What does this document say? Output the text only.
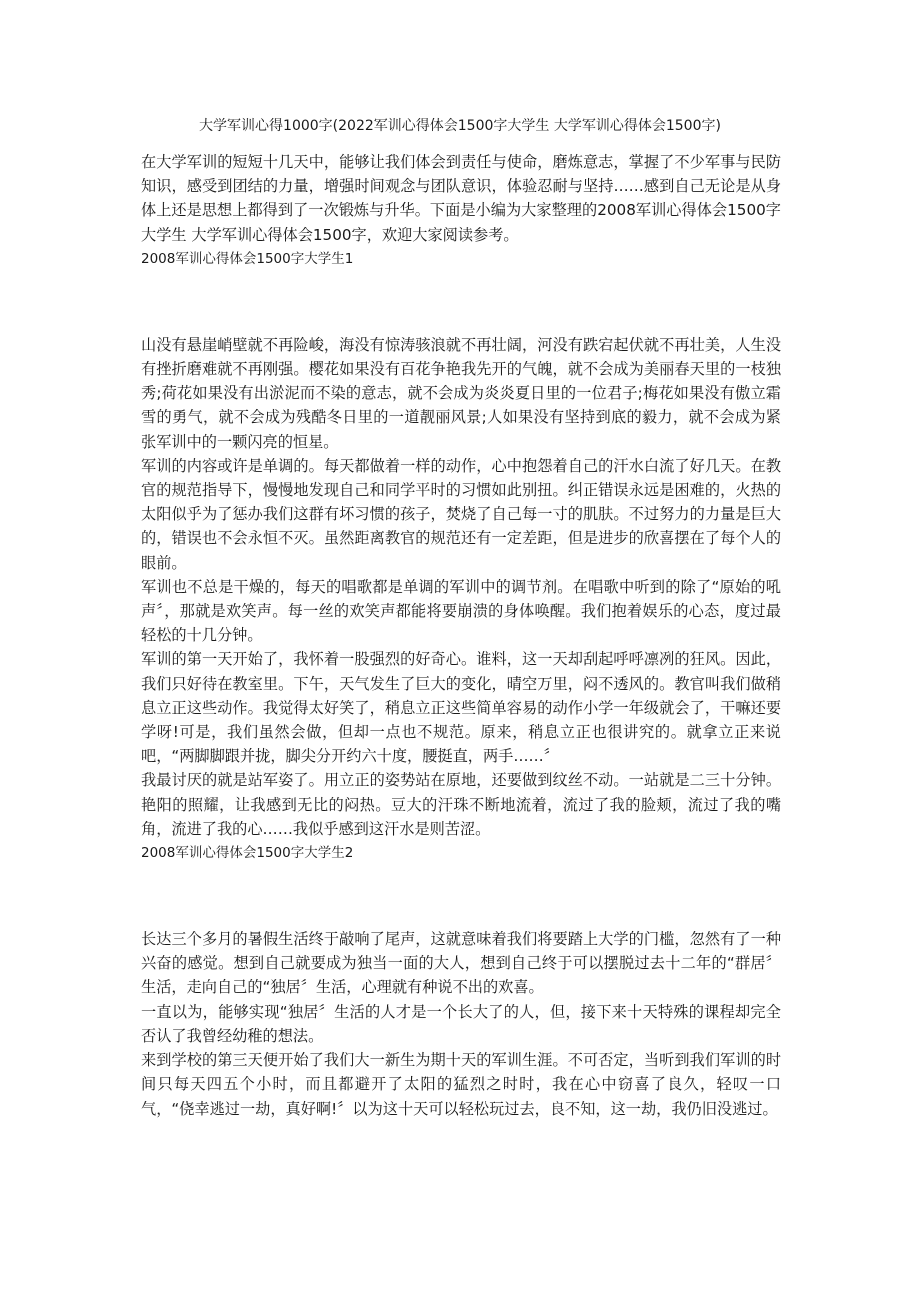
大学军训心得1000字(2022军训心得体会1500字大学生 大学军训心得体会1500字)

在大学军训的短短十几天中，能够让我们体会到责任与使命，磨炼意志，掌握了不少军事与民防知识，感受到团结的力量，增强时间观念与团队意识，体验忍耐与坚持……感到自己无论是从身体上还是思想上都得到了一次锻炼与升华。下面是小编为大家整理的2008军训心得体会1500字大学生 大学军训心得体会1500字，欢迎大家阅读参考。

2008军训心得体会1500字大学生1

山没有悬崖峭壁就不再险峻，海没有惊涛骇浪就不再壮阔，河没有跌宕起伏就不再壮美，人生没有挫折磨难就不再刚强。樱花如果没有百花争艳我先开的气魄，就不会成为美丽春天里的一枝独秀;荷花如果没有出淤泥而不染的意志，就不会成为炎炎夏日里的一位君子;梅花如果没有傲立霜雪的勇气，就不会成为残酷冬日里的一道靓丽风景;人如果没有坚持到底的毅力，就不会成为紧张军训中的一颗闪亮的恒星。

军训的内容或许是单调的。每天都做着一样的动作，心中抱怨着自己的汗水白流了好几天。在教官的规范指导下，慢慢地发现自己和同学平时的习惯如此别扭。纠正错误永远是困难的，火热的太阳似乎为了惩办我们这群有坏习惯的孩子，焚烧了自己每一寸的肌肤。不过努力的力量是巨大的，错误也不会永恒不灭。虽然距离教官的规范还有一定差距，但是进步的欣喜摆在了每个人的眼前。

军训也不总是干燥的，每天的唱歌都是单调的军训中的调节剂。在唱歌中听到的除了“原始的吼声〞，那就是欢笑声。每一丝的欢笑声都能将要崩溃的身体唤醒。我们抱着娱乐的心态，度过最轻松的十几分钟。

军训的第一天开始了，我怀着一股强烈的好奇心。谁料，这一天却刮起呼呼凛冽的狂风。因此，我们只好待在教室里。下午，天气发生了巨大的变化，晴空万里，闷不透风的。教官叫我们做稍息立正这些动作。我觉得太好笑了，稍息立正这些简单容易的动作小学一年级就会了，干嘛还要学呀!可是，我们虽然会做，但却一点也不规范。原来，稍息立正也很讲究的。就拿立正来说吧，“两脚脚跟并拢，脚尖分开约六十度，腰挺直，两手……〞

我最讨厌的就是站军姿了。用立正的姿势站在原地，还要做到纹丝不动。一站就是二三十分钟。艳阳的照耀，让我感到无比的闷热。豆大的汗珠不断地流着，流过了我的脸颊，流过了我的嘴角，流进了我的心……我似乎感到这汗水是则苦涩。

2008军训心得体会1500字大学生2

长达三个多月的暑假生活终于敲响了尾声，这就意味着我们将要踏上大学的门槛，忽然有了一种兴奋的感觉。想到自己就要成为独当一面的大人，想到自己终于可以摆脱过去十二年的“群居〞生活，走向自己的“独居〞生活，心理就有种说不出的欢喜。

一直以为，能够实现“独居〞生活的人才是一个长大了的人，但，接下来十天特殊的课程却完全否认了我曾经幼稚的想法。

来到学校的第三天便开始了我们大一新生为期十天的军训生涯。不可否定，当听到我们军训的时间只每天四五个小时，而且都避开了太阳的猛烈之时时，我在心中窃喜了良久，轻叹一口气，“侥幸逃过一劫，真好啊!〞以为这十天可以轻松玩过去，良不知，这一劫，我仍旧没逃过。
